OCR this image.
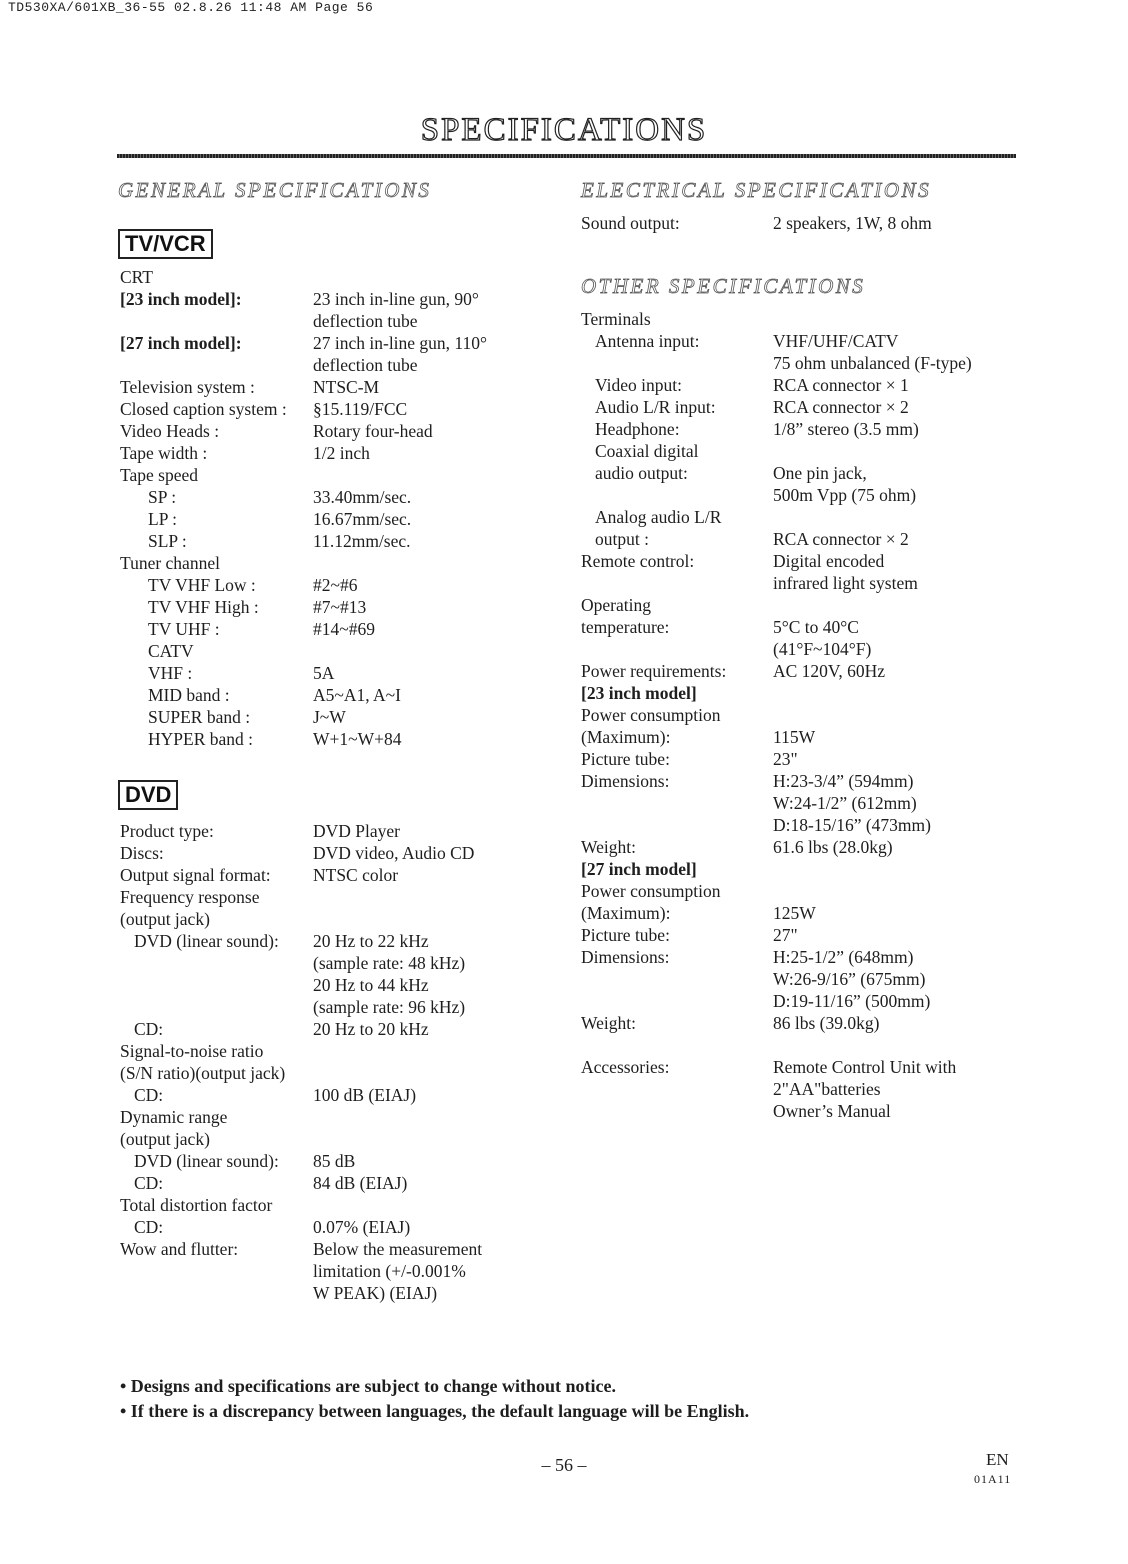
TD530XA/601XB_36-55 02.8.26 11:48 AM Page 56
SPECIFICATIONS
GENERAL SPECIFICATIONS
TV/VCR
CRT
[23 inch model]:	23 inch in-line gun, 90°
deflection tube
[27 inch model]:	27 inch in-line gun, 110°
deflection tube
Television system :	NTSC-M
Closed caption system : §15.119/FCC
Video Heads :	Rotary four-head
Tape width :	1/2 inch
Tape speed
SP :	33.40mm/sec.
LP :	16.67mm/sec.
SLP :	11.12mm/sec.
Tuner channel
TV VHF Low :	#2~#6
TV VHF High :	#7~#13
TV UHF :	#14~#69
CATV
VHF :	5A
MID band :	A5~A1, A~I
SUPER band :	J~W
HYPER band :	W+1~W+84
DVD
Product type:	DVD Player
Discs:	DVD video, Audio CD
Output signal format: NTSC color
Frequency response
(output jack)
DVD (linear sound): 20 Hz to 22 kHz
(sample rate: 48 kHz)
20 Hz to 44 kHz
(sample rate: 96 kHz)
CD:	20 Hz to 20 kHz
Signal-to-noise ratio
(S/N ratio)(output jack)
CD:	100 dB (EIAJ)
Dynamic range
(output jack)
DVD (linear sound): 85 dB
CD:	84 dB (EIAJ)
Total distortion factor
CD:	0.07% (EIAJ)
Wow and flutter:	Below the measurement
limitation (+/-0.001%
W PEAK) (EIAJ)
ELECTRICAL SPECIFICATIONS
Sound output:	2 speakers, 1W, 8 ohm
OTHER SPECIFICATIONS
Terminals
Antenna input:	VHF/UHF/CATV
75 ohm unbalanced (F-type)
Video input:	RCA connector × 1
Audio L/R input:	RCA connector × 2
Headphone:	1/8” stereo (3.5 mm)
Coaxial digital
audio output:	One pin jack,
500m Vpp (75 ohm)
Analog audio L/R
output :	RCA connector × 2
Remote control:	Digital encoded
infrared light system
Operating
temperature:	5°C to 40°C
(41°F~104°F)
Power requirements:	AC 120V, 60Hz
[23 inch model]
Power consumption
(Maximum):	115W
Picture tube:	23"
Dimensions:	H:23-3/4” (594mm)
W:24-1/2” (612mm)
D:18-15/16” (473mm)
Weight:	61.6 lbs (28.0kg)
[27 inch model]
Power consumption
(Maximum):	125W
Picture tube:	27"
Dimensions:	H:25-1/2” (648mm)
W:26-9/16” (675mm)
D:19-11/16” (500mm)
Weight:	86 lbs (39.0kg)
Accessories:	Remote Control Unit with
2"AA"batteries
Owner’s Manual
• Designs and specifications are subject to change without notice.
• If there is a discrepancy between languages, the default language will be English.
– 56 –	EN
01A11
